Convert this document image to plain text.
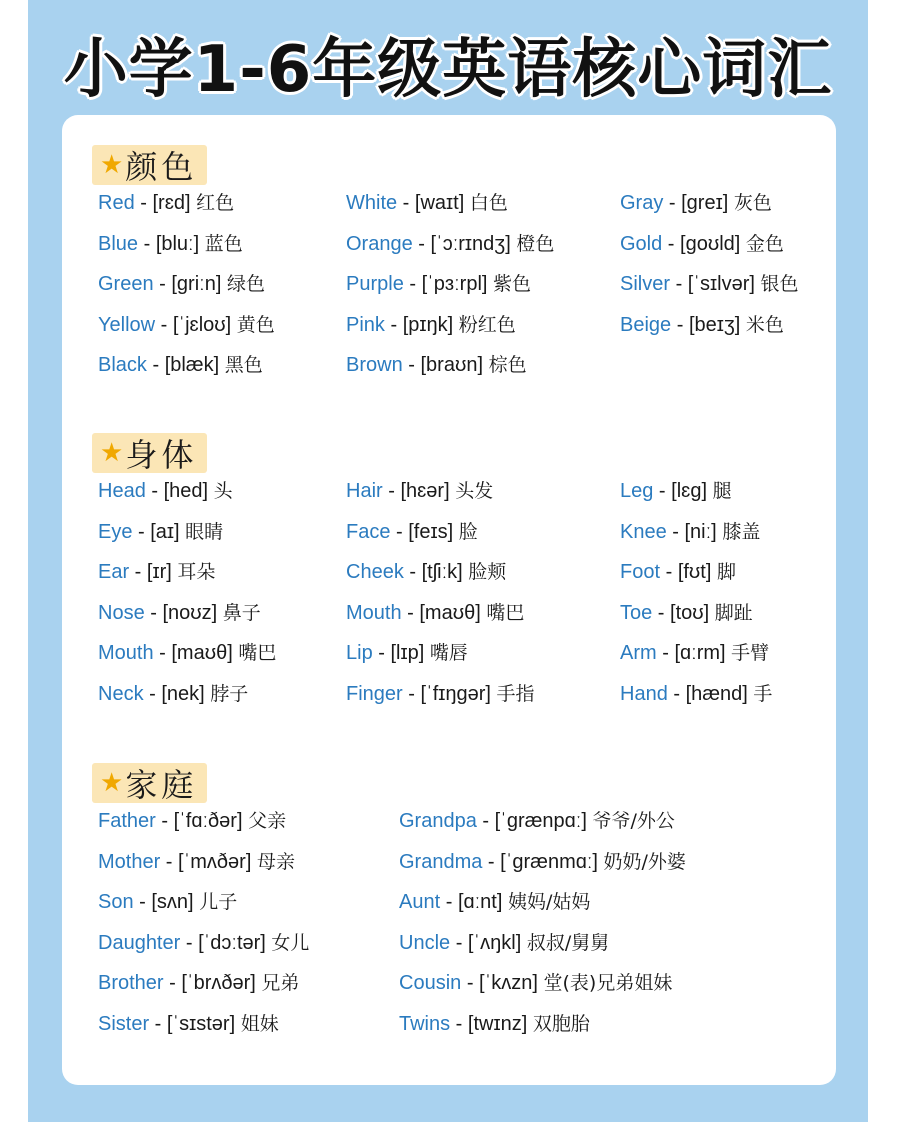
小学1-6年级英语核心词汇
★ 颜色
Red - [rɛd] 红色
Blue - [bluː] 蓝色
Green - [griːn] 绿色
Yellow - [ˈjɛloʊ] 黄色
Black - [blæk] 黑色
White - [waɪt] 白色
Orange - [ˈɔːrɪndʒ] 橙色
Purple - [ˈpɜːrpl] 紫色
Pink - [pɪŋk] 粉红色
Brown - [braʊn] 棕色
Gray - [greɪ] 灰色
Gold - [goʊld] 金色
Silver - [ˈsɪlvər] 银色
Beige - [beɪʒ] 米色
★ 身体
Head - [hed] 头
Eye - [aɪ] 眼睛
Ear - [ɪr] 耳朵
Nose - [noʊz] 鼻子
Mouth - [maʊθ] 嘴巴
Neck - [nek] 脖子
Hair - [hɛər] 头发
Face - [feɪs] 脸
Cheek - [tʃiːk] 脸颊
Mouth - [maʊθ] 嘴巴
Lip - [lɪp] 嘴唇
Finger - [ˈfɪŋgər] 手指
Leg - [lɛg] 腿
Knee - [niː] 膝盖
Foot - [fʊt] 脚
Toe - [toʊ] 脚趾
Arm - [ɑːrm] 手臂
Hand - [hænd] 手
★ 家庭
Father - [ˈfɑːðər] 父亲
Mother - [ˈmʌðər] 母亲
Son - [sʌn] 儿子
Daughter - [ˈdɔːtər] 女儿
Brother - [ˈbrʌðər] 兄弟
Sister - [ˈsɪstər] 姐妹
Grandpa - [ˈgrænpɑː] 爷爷/外公
Grandma - [ˈgrænmɑː] 奶奶/外婆
Aunt - [ɑːnt] 姨妈/姑妈
Uncle - [ˈʌŋkl] 叔叔/舅舅
Cousin - [ˈkʌzn] 堂(表)兄弟姐妹
Twins - [twɪnz] 双胞胎
